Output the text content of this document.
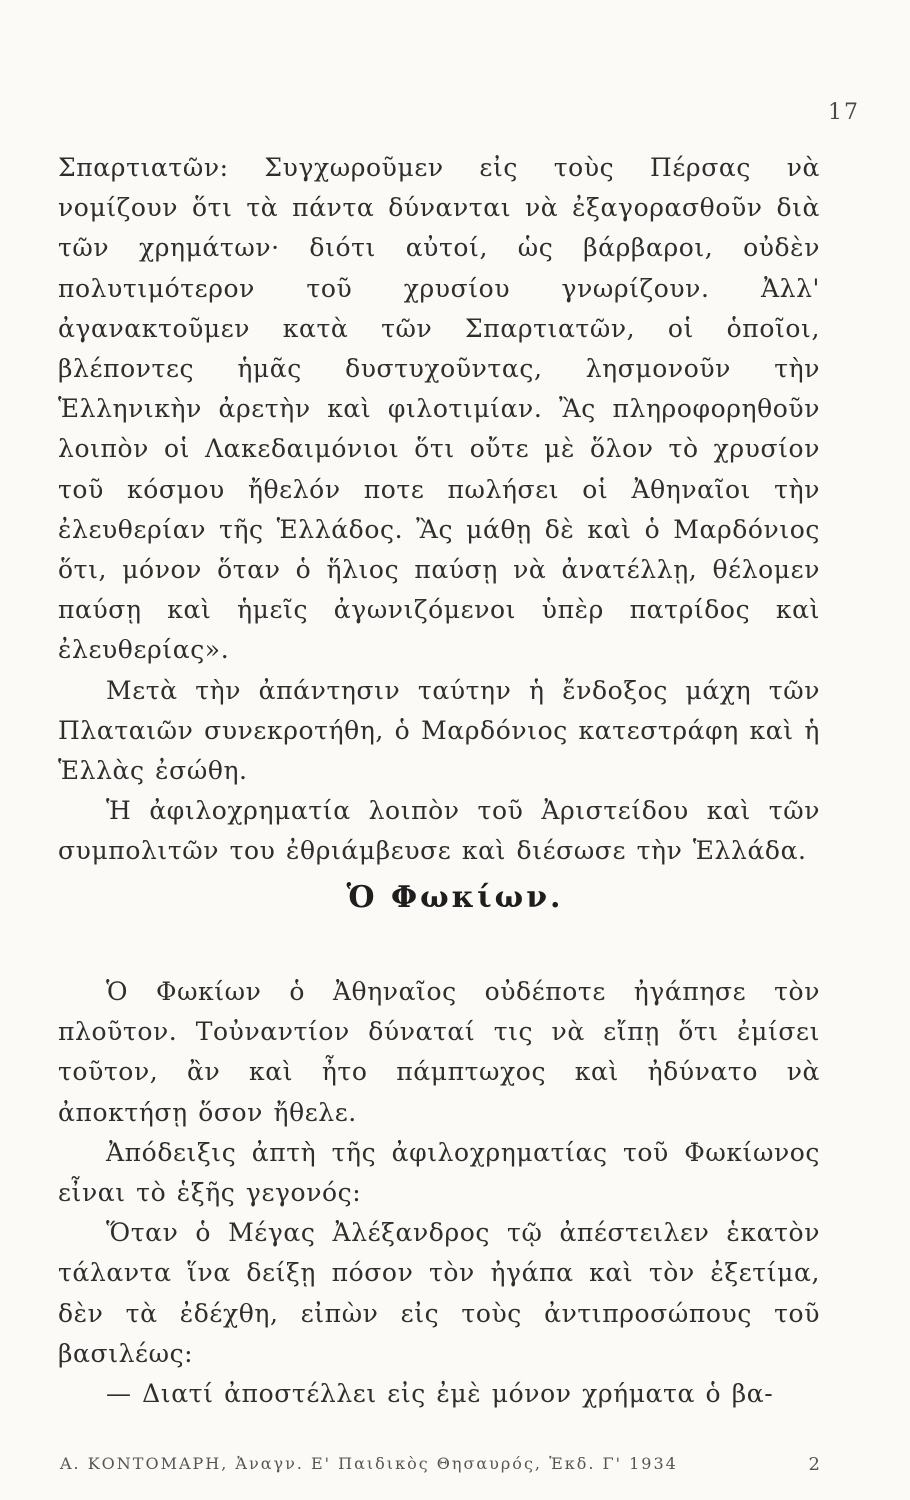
17

Σπαρτιατῶν: Συγχωροῦμεν εἰς τοὺς Πέρσας νὰ νομίζουν ὅτι τὰ πάντα δύνανται νὰ ἐξαγορασθοῦν διὰ τῶν χρημάτων· διότι αὐτοί, ὡς βάρβαροι, οὐδὲν πολυτιμότερον τοῦ χρυσίου γνωρίζουν. Ἀλλ' ἀγανακτοῦμεν κατὰ τῶν Σπαρτιατῶν, οἱ ὁποῖοι, βλέποντες ἡμᾶς δυστυχοῦντας, λησμονοῦν τὴν Ἑλληνικὴν ἀρετὴν καὶ φιλοτιμίαν. Ἂς πληροφορηθοῦν λοιπὸν οἱ Λακεδαιμόνιοι ὅτι οὔτε μὲ ὅλον τὸ χρυσίον τοῦ κόσμου ἤθελόν ποτε πωλήσει οἱ Ἀθηναῖοι τὴν ἐλευθερίαν τῆς Ἑλλάδος. Ἂς μάθῃ δὲ καὶ ὁ Μαρδόνιος ὅτι, μόνον ὅταν ὁ ἥλιος παύσῃ νὰ ἀνατέλλῃ, θέλομεν παύσῃ καὶ ἡμεῖς ἀγωνιζόμενοι ὑπὲρ πατρίδος καὶ ἐλευθερίας».

Μετὰ τὴν ἀπάντησιν ταύτην ἡ ἔνδοξος μάχη τῶν Πλαταιῶν συνεκροτήθη, ὁ Μαρδόνιος κατεστράφη καὶ ἡ Ἑλλὰς ἐσώθη.

Ἡ ἀφιλοχρηματία λοιπὸν τοῦ Ἀριστείδου καὶ τῶν συμπολιτῶν του ἐθριάμβευσε καὶ διέσωσε τὴν Ἑλλάδα.

Ὁ Φωκίων.

Ὁ Φωκίων ὁ Ἀθηναῖος οὐδέποτε ἠγάπησε τὸν πλοῦτον. Τοὐναντίον δύναταί τις νὰ εἴπῃ ὅτι ἐμίσει τοῦτον, ἂν καὶ ἦτο πάμπτωχος καὶ ἠδύνατο νὰ ἀποκτήσῃ ὅσον ἤθελε.

Ἀπόδειξις ἀπτὴ τῆς ἀφιλοχρηματίας τοῦ Φωκίωνος εἶναι τὸ ἑξῆς γεγονός:

Ὅταν ὁ Μέγας Ἀλέξανδρος τῷ ἀπέστειλεν ἑκατὸν τάλαντα ἵνα δείξῃ πόσον τὸν ἠγάπα καὶ τὸν ἐξετίμα, δὲν τὰ ἐδέχθη, εἰπὼν εἰς τοὺς ἀντιπροσώπους τοῦ βασιλέως:

— Διατί ἀποστέλλει εἰς ἐμὲ μόνον χρήματα ὁ βα-

Α. ΚΟΝΤΟΜΑΡΗ, Ἀναγν. Ε' Παιδικὸς Θησαυρός, Ἐκδ. Γ' 1934	2
